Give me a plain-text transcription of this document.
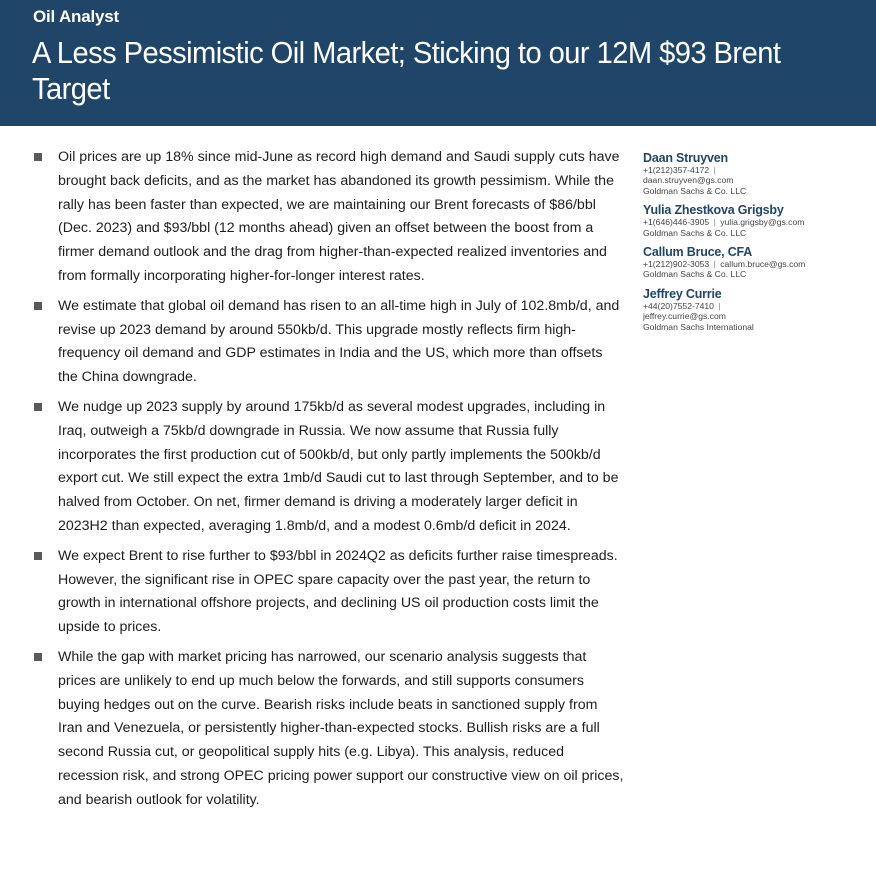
Oil Analyst
A Less Pessimistic Oil Market; Sticking to our 12M $93 Brent Target
Oil prices are up 18% since mid-June as record high demand and Saudi supply cuts have brought back deficits, and as the market has abandoned its growth pessimism. While the rally has been faster than expected, we are maintaining our Brent forecasts of $86/bbl (Dec. 2023) and $93/bbl (12 months ahead) given an offset between the boost from a firmer demand outlook and the drag from higher-than-expected realized inventories and from formally incorporating higher-for-longer interest rates.
We estimate that global oil demand has risen to an all-time high in July of 102.8mb/d, and revise up 2023 demand by around 550kb/d. This upgrade mostly reflects firm high-frequency oil demand and GDP estimates in India and the US, which more than offsets the China downgrade.
We nudge up 2023 supply by around 175kb/d as several modest upgrades, including in Iraq, outweigh a 75kb/d downgrade in Russia. We now assume that Russia fully incorporates the first production cut of 500kb/d, but only partly implements the 500kb/d export cut. We still expect the extra 1mb/d Saudi cut to last through September, and to be halved from October. On net, firmer demand is driving a moderately larger deficit in 2023H2 than expected, averaging 1.8mb/d, and a modest 0.6mb/d deficit in 2024.
We expect Brent to rise further to $93/bbl in 2024Q2 as deficits further raise timespreads. However, the significant rise in OPEC spare capacity over the past year, the return to growth in international offshore projects, and declining US oil production costs limit the upside to prices.
While the gap with market pricing has narrowed, our scenario analysis suggests that prices are unlikely to end up much below the forwards, and still supports consumers buying hedges out on the curve. Bearish risks include beats in sanctioned supply from Iran and Venezuela, or persistently higher-than-expected stocks. Bullish risks are a full second Russia cut, or geopolitical supply hits (e.g. Libya). This analysis, reduced recession risk, and strong OPEC pricing power support our constructive view on oil prices, and bearish outlook for volatility.
Daan Struyven
+1(212)357-4172 |
daan.struyven@gs.com
Goldman Sachs & Co. LLC
Yulia Zhestkova Grigsby
+1(646)446-3905 | yulia.grigsby@gs.com
Goldman Sachs & Co. LLC
Callum Bruce, CFA
+1(212)902-3053 | callum.bruce@gs.com
Goldman Sachs & Co. LLC
Jeffrey Currie
+44(20)7552-7410 |
jeffrey.currie@gs.com
Goldman Sachs International
